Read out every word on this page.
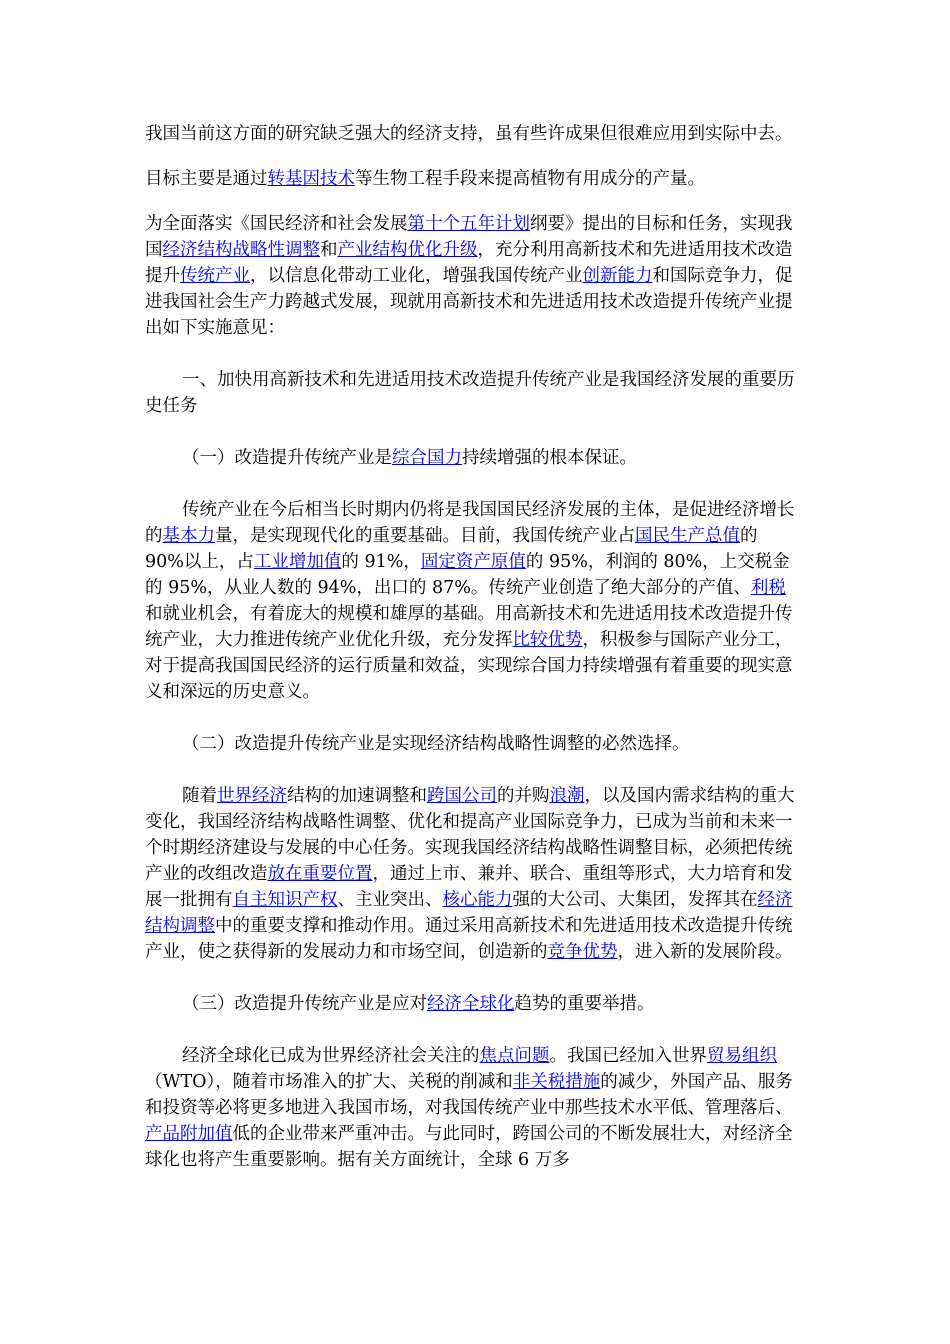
我国当前这方面的研究缺乏强大的经济支持，虽有些许成果但很难应用到实际中去。

目标主要是通过转基因技术等生物工程手段来提高植物有用成分的产量。

为全面落实《国民经济和社会发展第十个五年计划纲要》提出的目标和任务，实现我
国经济结构战略性调整和产业结构优化升级，充分利用高新技术和先进适用技术改造提升传统产业，以信息化带动工业化，增强我国传统产业创新能力和国际竞争力，促进我国社会生产力跨越式发展，现就用高新技术和先进适用技术改造提升传统产业提出如下实施意见：

一、加快用高新技术和先进适用技术改造提升传统产业是我国经济发展的重要历史任务

（一）改造提升传统产业是综合国力持续增强的根本保证。

传统产业在今后相当长时期内仍将是我国国民经济发展的主体，是促进经济增长的基本力量，是实现现代化的重要基础。目前，我国传统产业占国民生产总值的 90%以上，占工业增加值的 91%，固定资产原值的 95%，利润的 80%，上交税金的 95%，从业人数的 94%，出口的 87%。传统产业创造了绝大部分的产值、利税和就业机会，有着庞大的规模和雄厚的基础。用高新技术和先进适用技术改造提升传统产业，大力推进传统产业优化升级，充分发挥比较优势，积极参与国际产业分工，对于提高我国国民经济的运行质量和效益，实现综合国力持续增强有着重要的现实意义和深远的历史意义。

（二）改造提升传统产业是实现经济结构战略性调整的必然选择。

随着世界经济结构的加速调整和跨国公司的并购浪潮，以及国内需求结构的重大变化，我国经济结构战略性调整、优化和提高产业国际竞争力，已成为当前和未来一个时期经济建设与发展的中心任务。实现我国经济结构战略性调整目标，必须把传统产业的改组改造放在重要位置，通过上市、兼并、联合、重组等形式，大力培育和发展一批拥有自主知识产权、主业突出、核心能力强的大公司、大集团，发挥其在经济结构调整中的重要支撑和推动作用。通过采用高新技术和先进适用技术改造提升传统产业，使之获得新的发展动力和市场空间，创造新的竞争优势，进入新的发展阶段。

（三）改造提升传统产业是应对经济全球化趋势的重要举措。

经济全球化已成为世界经济社会关注的焦点问题。我国已经加入世界贸易组织（WTO），随着市场准入的扩大、关税的削减和非关税措施的减少，外国产品、服务和投资等必将更多地进入我国市场，对我国传统产业中那些技术水平低、管理落后、产品附加值低的企业带来严重冲击。与此同时，跨国公司的不断发展壮大，对经济全球化也将产生重要影响。据有关方面统计，全球 6 万多
